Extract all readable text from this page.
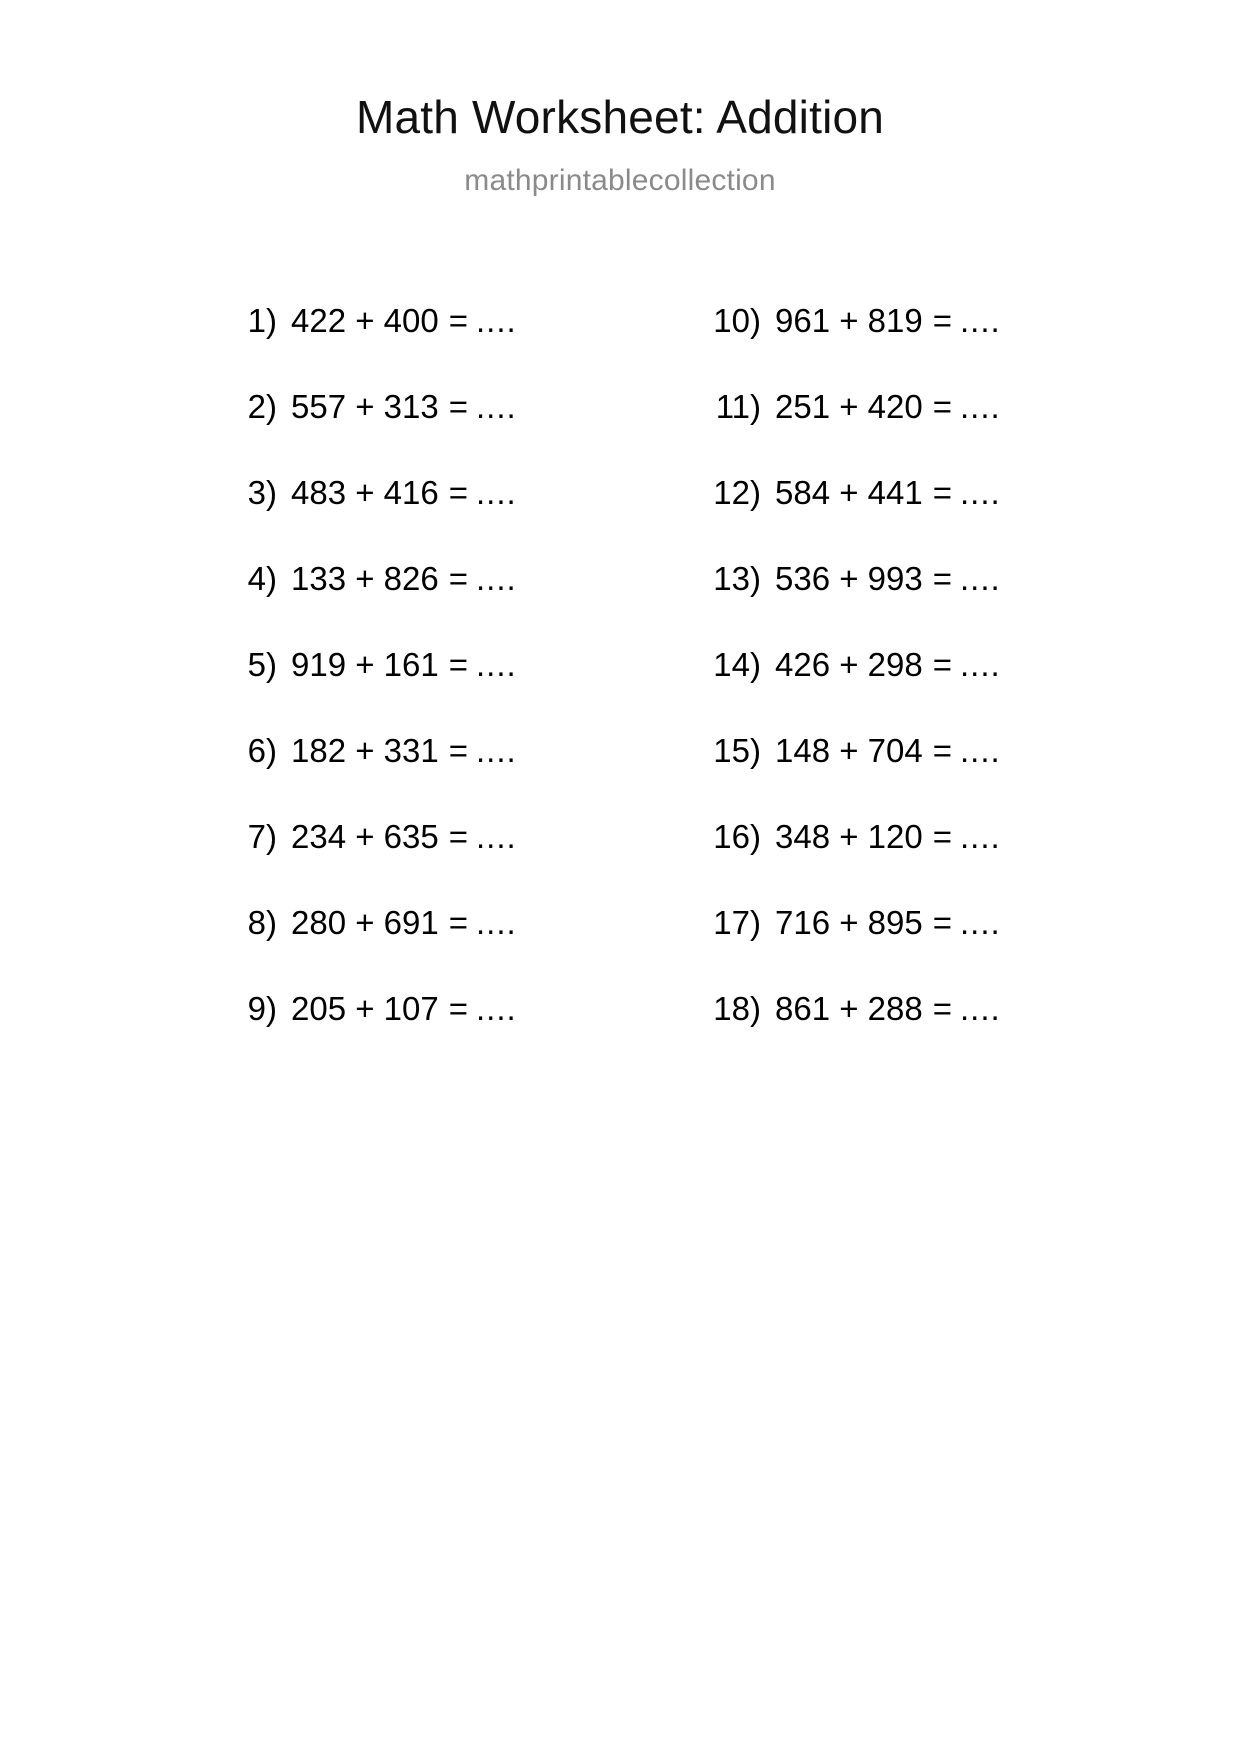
Math Worksheet: Addition
mathprintablecollection
1) 422 + 400 = ....
2) 557 + 313 = ....
3) 483 + 416 = ....
4) 133 + 826 = ....
5) 919 + 161 = ....
6) 182 + 331 = ....
7) 234 + 635 = ....
8) 280 + 691 = ....
9) 205 + 107 = ....
10) 961 + 819 = ....
11) 251 + 420 = ....
12) 584 + 441 = ....
13) 536 + 993 = ....
14) 426 + 298 = ....
15) 148 + 704 = ....
16) 348 + 120 = ....
17) 716 + 895 = ....
18) 861 + 288 = ....
